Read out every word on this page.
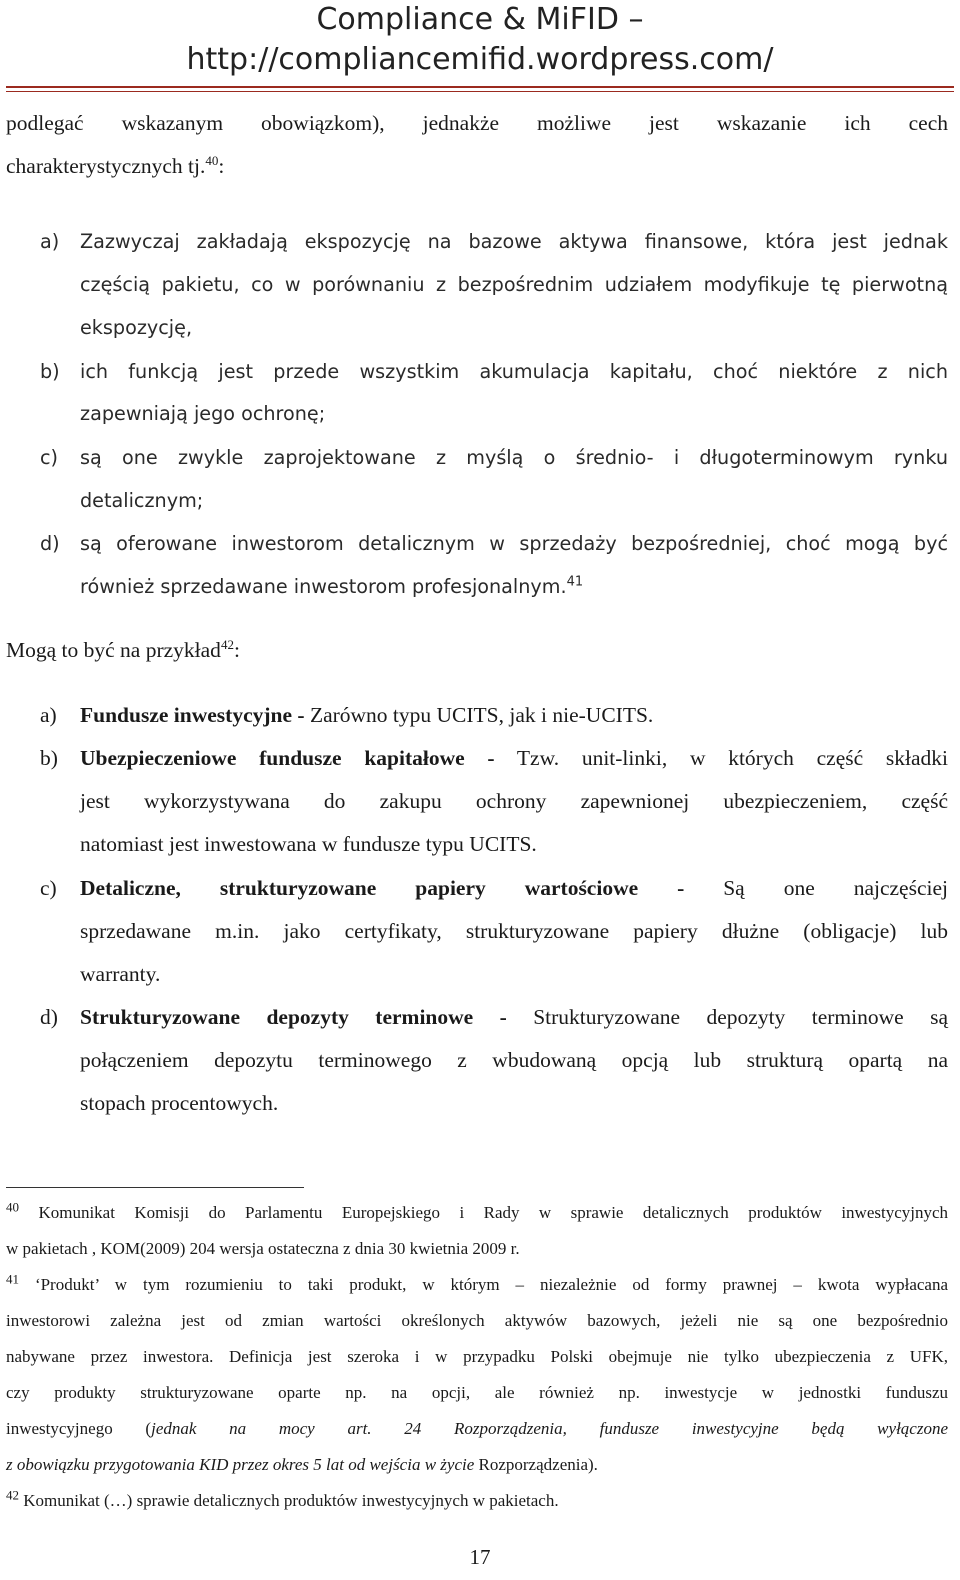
Compliance & MiFID –
http://compliancemifid.wordpress.com/
podlegać wskazanym obowiązkom), jednakże możliwe jest wskazanie ich cech
charakterystycznych tj.$^{40}$:
a) Zazwyczaj zakładają ekspozycję na bazowe aktywa finansowe, która jest jednak
częścią pakietu, co w porównaniu z bezpośrednim udziałem modyfikuje tę pierwotną
ekspozycję,
b) ich funkcją jest przede wszystkim akumulacja kapitału, choć niektóre z nich
zapewniają jego ochronę;
c) są one zwykle zaprojektowane z myślą o średnio- i długoterminowym rynku
detalicznym;
d) są oferowane inwestorom detalicznym w sprzedaży bezpośredniej, choć mogą być
również sprzedawane inwestorom profesjonalnym.$^{41}$
Mogą to być na przykład$^{42}$:
a) Fundusze inwestycyjne - Zarówno typu UCITS, jak i nie-UCITS.
b) Ubezpieczeniowe fundusze kapitałowe - Tzw. unit-linki, w których część składki
jest wykorzystywana do zakupu ochrony zapewnionej ubezpieczeniem, część
natomiast jest inwestowana w fundusze typu UCITS.
c) Detaliczne, strukturyzowane papiery wartościowe - Są one najczęściej
sprzedawane m.in. jako certyfikaty, strukturyzowane papiery dłużne (obligacje) lub
warranty.
d) Strukturyzowane depozyty terminowe - Strukturyzowane depozyty terminowe są
połączeniem depozytu terminowego z wbudowaną opcją lub strukturą opartą na
stopach procentowych.
$^{40}$ Komunikat Komisji do Parlamentu Europejskiego i Rady w sprawie detalicznych produktów inwestycyjnych
w pakietach , KOM(2009) 204 wersja ostateczna z dnia 30 kwietnia 2009 r.
$^{41}$ ‘Produkt’ w tym rozumieniu to taki produkt, w którym – niezależnie od formy prawnej – kwota wypłacana
inwestorowi zależna jest od zmian wartości określonych aktywów bazowych, jeżeli nie są one bezpośrednio
nabywane przez inwestora. Definicja jest szeroka i w przypadku Polski obejmuje nie tylko ubezpieczenia z UFK,
czy produkty strukturyzowane oparte np. na opcji, ale również np. inwestycje w jednostki funduszu
inwestycyjnego (jednak na mocy art. 24 Rozporządzenia, fundusze inwestycyjne będą wyłączone
z obowiązku przygotowania KID przez okres 5 lat od wejścia w życie Rozporządzenia).
$^{42}$ Komunikat (…) sprawie detalicznych produktów inwestycyjnych w pakietach.
17
